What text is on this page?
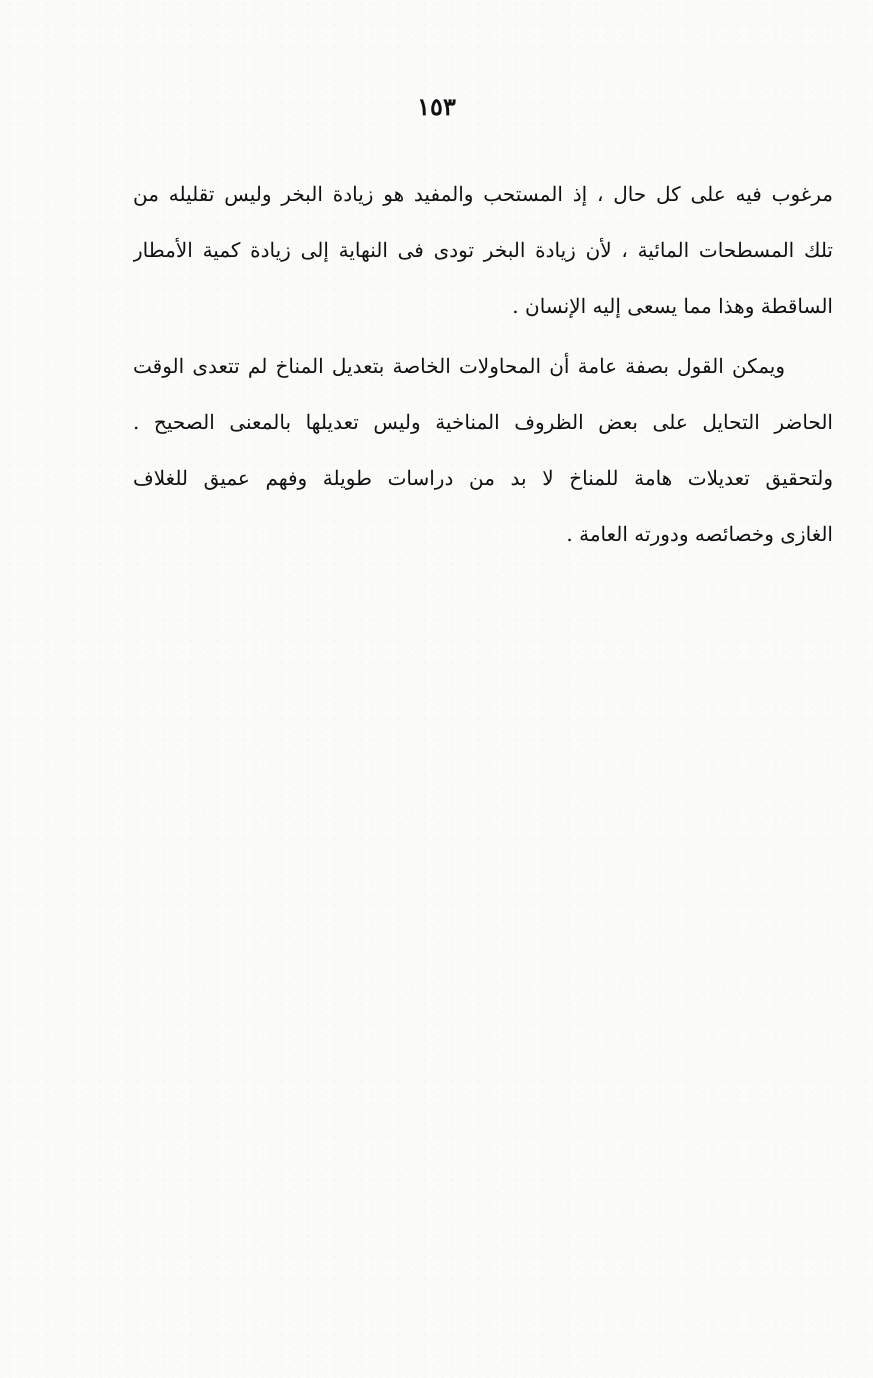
١٥٣
مرغوب فيه على كل حال ، إذ المستحب والمفيد هو زيادة البخر وليس تقليله من
تلك المسطحات المائية ، لأن زيادة البخر تودى فى النهاية إلى زيادة كمية الأمطار
الساقطة وهذا مما يسعى إليه الإنسان .
ويمكن القول بصفة عامة أن المحاولات الخاصة بتعديل المناخ لم تتعدى الوقت
الحاضر التحايل على بعض الظروف المناخية وليس تعديلها بالمعنى الصحيح .
ولتحقيق تعديلات هامة للمناخ لا بد من دراسات طويلة وفهم عميق للغلاف
الغازى وخصائصه ودورته العامة .
